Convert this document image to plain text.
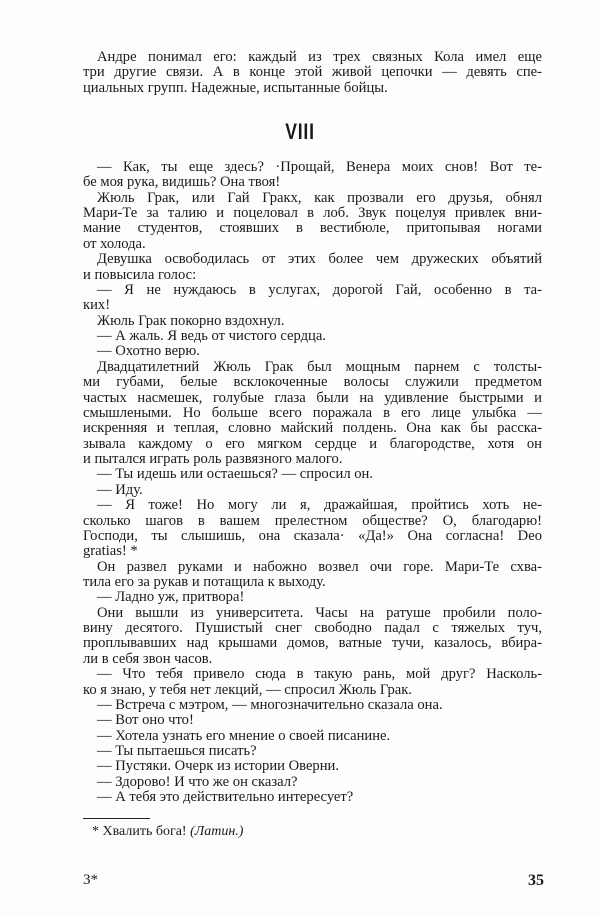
Андре понимал его: каждый из трех связных Кола имел еще
три другие связи. А в конце этой живой цепочки — девять спе-
циальных групп. Надежные, испытанные бойцы.
— Как, ты еще здесь? ·Прощай, Венера моих снов! Вот те-
бе моя рука, видишь? Она твоя!
Жюль Грак, или Гай Гракх, как прозвали его друзья, обнял
Мари-Те за талию и поцеловал в лоб. Звук поцелуя привлек вни-
мание студентов, стоявших в вестибюле, притопывая ногами
от холода.
Девушка освободилась от этих более чем дружеских объятий
и повысила голос:
— Я не нуждаюсь в услугах, дорогой Гай, особенно в та-
ких!
Жюль Грак покорно вздохнул.
— А жаль. Я ведь от чистого сердца.
— Охотно верю.
Двадцатилетний Жюль Грак был мощным парнем с толсты-
ми губами, белые всклокоченные волосы служили предметом
частых насмешек, голубые глаза были на удивление быстрыми и
смышлеными. Но больше всего поражала в его лице улыбка —
искренняя и теплая, словно майский полдень. Она как бы расска-
зывала каждому о его мягком сердце и благородстве, хотя он
и пытался играть роль развязного малого.
— Ты идешь или остаешься? — спросил он.
— Иду.
— Я тоже! Но могу ли я, дражайшая, пройтись хоть не-
сколько шагов в вашем прелестном обществе? О, благодарю!
Господи, ты слышишь, она сказала· «Да!» Она согласна! Deo
gratias! *
Он развел руками и набожно возвел очи горе. Мари-Те схва-
тила его за рукав и потащила к выходу.
— Ладно уж, притвора!
Они вышли из университета. Часы на ратуше пробили поло-
вину десятого. Пушистый снег свободно падал с тяжелых туч,
проплывавших над крышами домов, ватные тучи, казалось, вбира-
ли в себя звон часов.
— Что тебя привело сюда в такую рань, мой друг? Насколь-
ко я знаю, у тебя нет лекций, — спросил Жюль Грак.
— Встреча с мэтром, — многозначительно сказала она.
— Вот оно что!
— Хотела узнать его мнение о своей писанине.
— Ты пытаешься писать?
— Пустяки. Очерк из истории Оверни.
— Здорово! И что же он сказал?
— А тебя это действительно интересует?
VIII
* Хвалить бога! (Латин.)
3*	35
